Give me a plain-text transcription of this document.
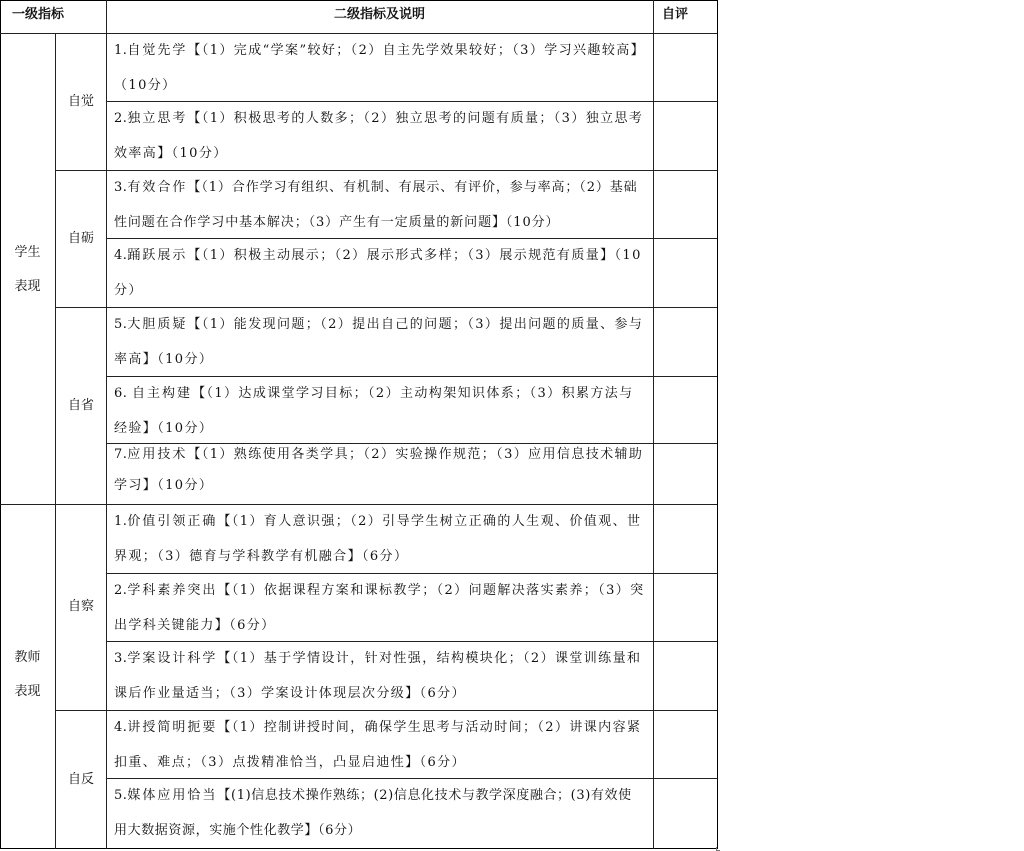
一级指标	二级指标及说明	自评
学生
表现
教师
表现
自觉
自砺
自省
自察
自反
1.自觉先学【（1）完成“学案”较好；（2）自主先学效果较好；（3）学习兴趣较高】（10分）
2.独立思考【（1）积极思考的人数多；（2）独立思考的问题有质量；（3）独立思考效率高】（10分）
3.有效合作【（1）合作学习有组织、有机制、有展示、有评价，参与率高；（2）基础性问题在合作学习中基本解决；（3）产生有一定质量的新问题】（10分）
4.踊跃展示【（1）积极主动展示；（2）展示形式多样；（3）展示规范有质量】（10分）
5.大胆质疑【（1）能发现问题；（2）提出自己的问题；（3）提出问题的质量、参与率高】（10分）
6. 自主构建【（1）达成课堂学习目标；（2）主动构架知识体系；（3）积累方法与经验】（10分）
7.应用技术【（1）熟练使用各类学具；（2）实验操作规范；（3）应用信息技术辅助学习】（10分）
1.价值引领正确【（1）育人意识强；（2）引导学生树立正确的人生观、价值观、世界观；（3）德育与学科教学有机融合】（6分）
2.学科素养突出【（1）依据课程方案和课标教学；（2）问题解决落实素养；（3）突出学科关键能力】（6分）
3.学案设计科学【（1）基于学情设计，针对性强，结构模块化；（2）课堂训练量和课后作业量适当；（3）学案设计体现层次分级】（6分）
4.讲授简明扼要【（1）控制讲授时间，确保学生思考与活动时间；（2）讲课内容紧扣重、难点；（3）点拨精准恰当，凸显启迪性】（6分）
5.媒体应用恰当【(1)信息技术操作熟练；(2)信息化技术与教学深度融合；(3)有效使用大数据资源，实施个性化教学】（6分）
